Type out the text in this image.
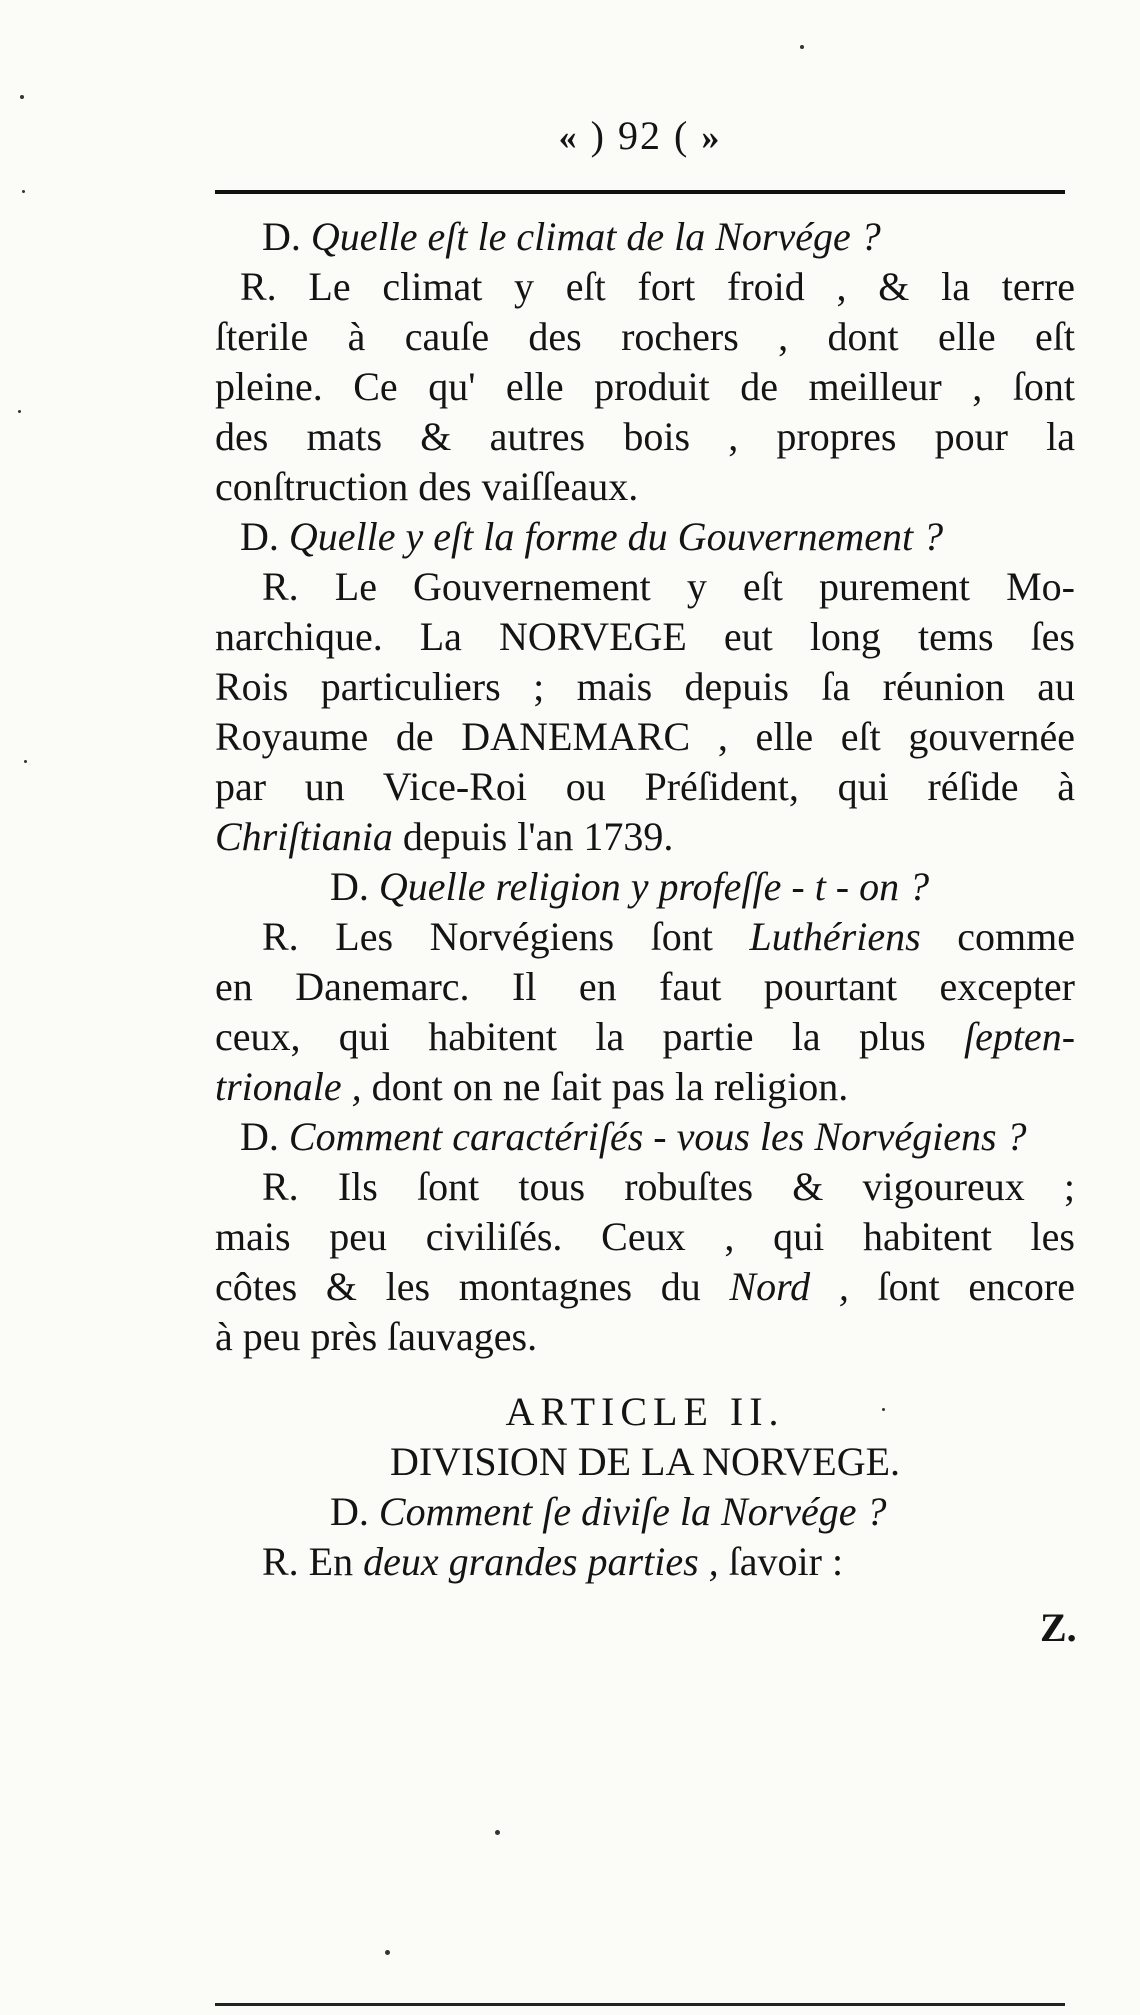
« ) 92 ( »
D. Quelle eſt le climat de la Norvége ?
R. Le climat y eſt fort froid , & la terre
ſterile à cauſe des rochers , dont elle eſt
pleine. Ce qu' elle produit de meilleur , ſont
des mats & autres bois , propres pour la
conſtruction des vaiſſeaux.
D. Quelle y eſt la forme du Gouvernement ?
R. Le Gouvernement y eſt purement Mo-
narchique. La NORVEGE eut long tems ſes
Rois particuliers ; mais depuis ſa réunion au
Royaume de DANEMARC , elle eſt gouvernée
par un Vice-Roi ou Préſident, qui réſide à
Chriſtiania depuis l'an 1739.
D. Quelle religion y profeſſe - t - on ?
R. Les Norvégiens ſont Luthériens comme
en Danemarc. Il en faut pourtant excepter
ceux, qui habitent la partie la plus ſepten-
trionale , dont on ne ſait pas la religion.
D. Comment caractériſés - vous les Norvégiens ?
R. Ils ſont tous robuſtes & vigoureux ;
mais peu civiliſés. Ceux , qui habitent les
côtes & les montagnes du Nord , ſont encore
à peu près ſauvages.
ARTICLE II.
DIVISION DE LA NORVEGE.
D. Comment ſe diviſe la Norvége ?
R. En deux grandes parties , ſavoir :
Z.
